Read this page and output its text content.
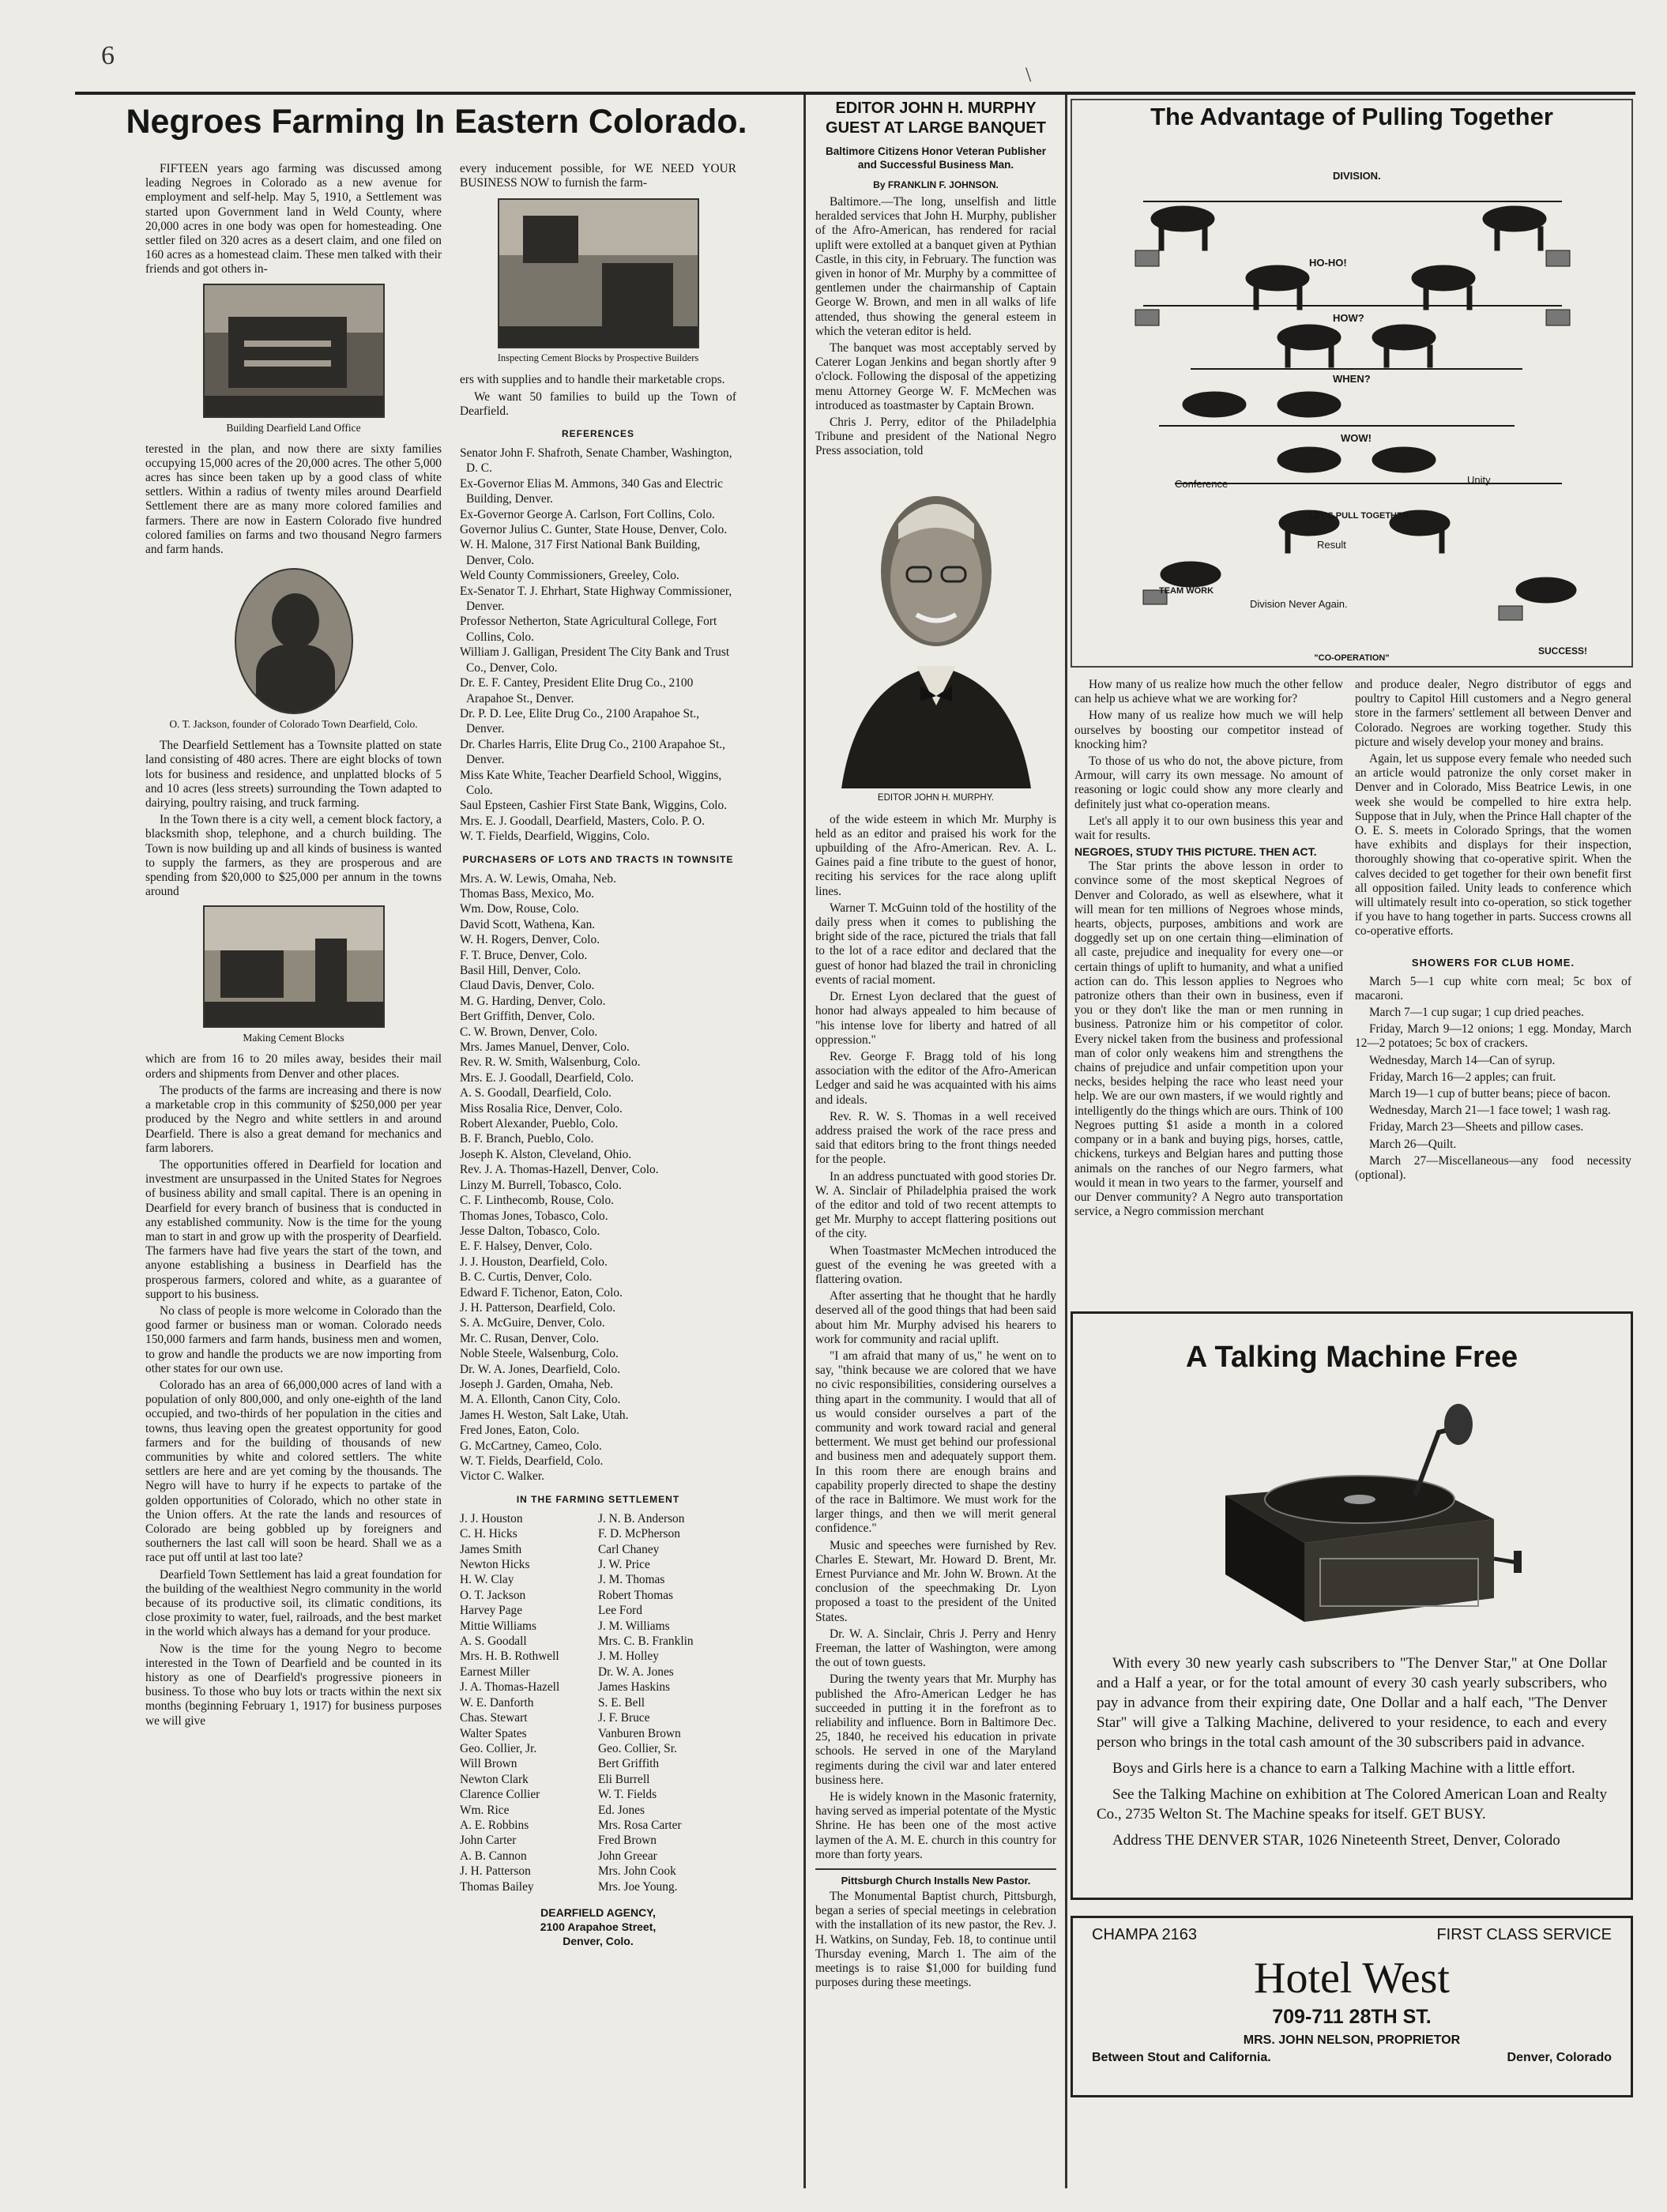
6
\
Negroes Farming In Eastern Colorado.

FIFTEEN years ago farming was discussed among leading Negroes in Colorado as a new avenue for employment and self-help. May 5, 1910, a Settlement was started upon Government land in Weld County, where 20,000 acres in one body was open for homesteading. One settler filed on 320 acres as a desert claim, and one filed on 160 acres as a homestead claim. These men talked with their friends and got others in-

Building Dearfield Land Office

terested in the plan, and now there are sixty families occupying 15,000 acres of the 20,000 acres. The other 5,000 acres has since been taken up by a good class of white settlers. Within a radius of twenty miles around Dearfield Settlement there are as many more colored families and farmers. There are now in Eastern Colorado five hundred colored families on farms and two thousand Negro farmers and farm hands.

O. T. Jackson, founder of Colorado Town Dearfield, Colo.

The Dearfield Settlement has a Townsite platted on state land consisting of 480 acres. There are eight blocks of town lots for business and residence, and unplatted blocks of 5 and 10 acres (less streets) surrounding the Town adapted to dairying, poultry raising, and truck farming.

In the Town there is a city well, a cement block factory, a blacksmith shop, telephone, and a church building. The Town is now building up and all kinds of business is wanted to supply the farmers, as they are prosperous and are spending from $20,000 to $25,000 per annum in the towns around

Making Cement Blocks

which are from 16 to 20 miles away, besides their mail orders and shipments from Denver and other places.

The products of the farms are increasing and there is now a marketable crop in this community of $250,000 per year produced by the Negro and white settlers in and around Dearfield. There is also a great demand for mechanics and farm laborers.

The opportunities offered in Dearfield for location and investment are unsurpassed in the United States for Negroes of business ability and small capital. There is an opening in Dearfield for every branch of business that is conducted in any established community. Now is the time for the young man to start in and grow up with the prosperity of Dearfield. The farmers have had five years the start of the town, and anyone establishing a business in Dearfield has the prosperous farmers, colored and white, as a guarantee of support to his business.

No class of people is more welcome in Colorado than the good farmer or business man or woman. Colorado needs 150,000 farmers and farm hands, business men and women, to grow and handle the products we are now importing from other states for our own use.

Colorado has an area of 66,000,000 acres of land with a population of only 800,000, and only one-eighth of the land occupied, and two-thirds of her population in the cities and towns, thus leaving open the greatest opportunity for good farmers and for the building of thousands of new communities by white and colored settlers. The white settlers are here and are yet coming by the thousands. The Negro will have to hurry if he expects to partake of the golden opportunities of Colorado, which no other state in the Union offers. At the rate the lands and resources of Colorado are being gobbled up by foreigners and southerners the last call will soon be heard. Shall we as a race put off until at last too late?

Dearfield Town Settlement has laid a great foundation for the building of the wealthiest Negro community in the world because of its productive soil, its climatic conditions, its close proximity to water, fuel, railroads, and the best market in the world which always has a demand for your produce.

Now is the time for the young Negro to become interested in the Town of Dearfield and be counted in its history as one of Dearfield's progressive pioneers in business. To those who buy lots or tracts within the next six months (beginning February 1, 1917) for business purposes we will give

every inducement possible, for WE NEED YOUR BUSINESS NOW to furnish the farm-

Inspecting Cement Blocks by Prospective Builders

ers with supplies and to handle their marketable crops.

We want 50 families to build up the Town of Dearfield.

REFERENCES
Senator John F. Shafroth, Senate Chamber, Washington, D. C.
Ex-Governor Elias M. Ammons, 340 Gas and Electric Building, Denver.
Ex-Governor George A. Carlson, Fort Collins, Colo.
Governor Julius C. Gunter, State House, Denver, Colo.
W. H. Malone, 317 First National Bank Building, Denver, Colo.
Weld County Commissioners, Greeley, Colo.
Ex-Senator T. J. Ehrhart, State Highway Commissioner, Denver.
Professor Netherton, State Agricultural College, Fort Collins, Colo.
William J. Galligan, President The City Bank and Trust Co., Denver, Colo.
Dr. E. F. Cantey, President Elite Drug Co., 2100 Arapahoe St., Denver.
Dr. P. D. Lee, Elite Drug Co., 2100 Arapahoe St., Denver.
Dr. Charles Harris, Elite Drug Co., 2100 Arapahoe St., Denver.
Miss Kate White, Teacher Dearfield School, Wiggins, Colo.
Saul Epsteen, Cashier First State Bank, Wiggins, Colo.
Mrs. E. J. Goodall, Dearfield, Masters, Colo. P. O.
W. T. Fields, Dearfield, Wiggins, Colo.
PURCHASERS OF LOTS AND TRACTS IN TOWNSITE
Mrs. A. W. Lewis, Omaha, Neb.
Thomas Bass, Mexico, Mo.
Wm. Dow, Rouse, Colo.
David Scott, Wathena, Kan.
W. H. Rogers, Denver, Colo.
F. T. Bruce, Denver, Colo.
Basil Hill, Denver, Colo.
Claud Davis, Denver, Colo.
M. G. Harding, Denver, Colo.
Bert Griffith, Denver, Colo.
C. W. Brown, Denver, Colo.
Mrs. James Manuel, Denver, Colo.
Rev. R. W. Smith, Walsenburg, Colo.
Mrs. E. J. Goodall, Dearfield, Colo.
A. S. Goodall, Dearfield, Colo.
Miss Rosalia Rice, Denver, Colo.
Robert Alexander, Pueblo, Colo.
B. F. Branch, Pueblo, Colo.
Joseph K. Alston, Cleveland, Ohio.
Rev. J. A. Thomas-Hazell, Denver, Colo.
Linzy M. Burrell, Tobasco, Colo.
C. F. Linthecomb, Rouse, Colo.
Thomas Jones, Tobasco, Colo.
Jesse Dalton, Tobasco, Colo.
E. F. Halsey, Denver, Colo.
J. J. Houston, Dearfield, Colo.
B. C. Curtis, Denver, Colo.
Edward F. Tichenor, Eaton, Colo.
J. H. Patterson, Dearfield, Colo.
S. A. McGuire, Denver, Colo.
Mr. C. Rusan, Denver, Colo.
Noble Steele, Walsenburg, Colo.
Dr. W. A. Jones, Dearfield, Colo.
Joseph J. Garden, Omaha, Neb.
M. A. Ellonth, Canon City, Colo.
James H. Weston, Salt Lake, Utah.
Fred Jones, Eaton, Colo.
G. McCartney, Cameo, Colo.
W. T. Fields, Dearfield, Colo.
Victor C. Walker.
IN THE FARMING SETTLEMENT
J. J. Houston
C. H. Hicks
James Smith
Newton Hicks
H. W. Clay
O. T. Jackson
Harvey Page
Mittie Williams
A. S. Goodall
Mrs. H. B. Rothwell
Earnest Miller
J. A. Thomas-Hazell
W. E. Danforth
Chas. Stewart
Walter Spates
Geo. Collier, Jr.
Will Brown
Newton Clark
Clarence Collier
Wm. Rice
A. E. Robbins
John Carter
A. B. Cannon
J. H. Patterson
Thomas Bailey
J. N. B. Anderson
F. D. McPherson
Carl Chaney
J. W. Price
J. M. Thomas
Robert Thomas
Lee Ford
J. M. Williams
Mrs. C. B. Franklin
J. M. Holley
Dr. W. A. Jones
James Haskins
S. E. Bell
J. F. Bruce
Vanburen Brown
Geo. Collier, Sr.
Bert Griffith
Eli Burrell
W. T. Fields
Ed. Jones
Mrs. Rosa Carter
Fred Brown
John Greear
Mrs. John Cook
Mrs. Joe Young.
DEARFIELD AGENCY,
2100 Arapahoe Street,
Denver, Colo.
EDITOR JOHN H. MURPHY GUEST AT LARGE BANQUET
Baltimore Citizens Honor Veteran Publisher and Successful Business Man.
By FRANKLIN F. JOHNSON.

Baltimore.—The long, unselfish and little heralded services that John H. Murphy, publisher of the Afro-American, has rendered for racial uplift were extolled at a banquet given at Pythian Castle, in this city, in February. The function was given in honor of Mr. Murphy by a committee of gentlemen under the chairmanship of Captain George W. Brown, and men in all walks of life attended, thus showing the general esteem in which the veteran editor is held.

The banquet was most acceptably served by Caterer Logan Jenkins and began shortly after 9 o'clock. Following the disposal of the appetizing menu Attorney George W. F. McMechen was introduced as toastmaster by Captain Brown.

Chris J. Perry, editor of the Philadelphia Tribune and president of the National Negro Press association, told

EDITOR JOHN H. MURPHY.

of the wide esteem in which Mr. Murphy is held as an editor and praised his work for the upbuilding of the Afro-American. Rev. A. L. Gaines paid a fine tribute to the guest of honor, reciting his services for the race along uplift lines.

Warner T. McGuinn told of the hostility of the daily press when it comes to publishing the bright side of the race, pictured the trials that fall to the lot of a race editor and declared that the guest of honor had blazed the trail in chronicling events of racial moment.

Dr. Ernest Lyon declared that the guest of honor had always appealed to him because of "his intense love for liberty and hatred of all oppression."

Rev. George F. Bragg told of his long association with the editor of the Afro-American Ledger and said he was acquainted with his aims and ideals.

Rev. R. W. S. Thomas in a well received address praised the work of the race press and said that editors bring to the front things needed for the people.

In an address punctuated with good stories Dr. W. A. Sinclair of Philadelphia praised the work of the editor and told of two recent attempts to get Mr. Murphy to accept flattering positions out of the city.

When Toastmaster McMechen introduced the guest of the evening he was greeted with a flattering ovation.

After asserting that he thought that he hardly deserved all of the good things that had been said about him Mr. Murphy advised his hearers to work for community and racial uplift.

"I am afraid that many of us," he went on to say, "think because we are colored that we have no civic responsibilities, considering ourselves a thing apart in the community. I would that all of us would consider ourselves a part of the community and work toward racial and general betterment. We must get behind our professional and business men and adequately support them. In this room there are enough brains and capability properly directed to shape the destiny of the race in Baltimore. We must work for the larger things, and then we will merit general confidence."

Music and speeches were furnished by Rev. Charles E. Stewart, Mr. Howard D. Brent, Mr. Ernest Purviance and Mr. John W. Brown. At the conclusion of the speechmaking Dr. Lyon proposed a toast to the president of the United States.

Dr. W. A. Sinclair, Chris J. Perry and Henry Freeman, the latter of Washington, were among the out of town guests.

During the twenty years that Mr. Murphy has published the Afro-American Ledger he has succeeded in putting it in the forefront as to reliability and influence. Born in Baltimore Dec. 25, 1840, he received his education in private schools. He served in one of the Maryland regiments during the civil war and later entered business here.

He is widely known in the Masonic fraternity, having served as imperial potentate of the Mystic Shrine. He has been one of the most active laymen of the A. M. E. church in this country for more than forty years.

Pittsburgh Church Installs New Pastor.

The Monumental Baptist church, Pittsburgh, began a series of special meetings in celebration with the installation of its new pastor, the Rev. J. H. Watkins, on Sunday, Feb. 18, to continue until Thursday evening, March 1. The aim of the meetings is to raise $1,000 for building fund purposes during these meetings.

The Advantage of Pulling Together
DIVISION.
HO-HO!
HOW?
WHEN?
WOW!
Conference	Unity
LET'S PULL TOGETHER
Result
TEAM WORK
Division Never Again.
SUCCESS!
"CO-OPERATION"

How many of us realize how much the other fellow can help us achieve what we are working for?

How many of us realize how much we will help ourselves by boosting our competitor instead of knocking him?

To those of us who do not, the above picture, from Armour, will carry its own message. No amount of reasoning or logic could show any more clearly and definitely just what co-operation means.

Let's all apply it to our own business this year and wait for results.

NEGROES, STUDY THIS PICTURE. THEN ACT.

The Star prints the above lesson in order to convince some of the most skeptical Negroes of Denver and Colorado, as well as elsewhere, what it will mean for ten millions of Negroes whose minds, hearts, objects, purposes, ambitions and work are doggedly set up on one certain thing—elimination of all caste, prejudice and inequality for every one—or certain things of uplift to humanity, and what a unified action can do. This lesson applies to Negroes who patronize others than their own in business, even if you or they don't like the man or men running in business. Patronize him or his competitor of color. Every nickel taken from the business and professional man of color only weakens him and strengthens the chains of prejudice and unfair competition upon your necks, besides helping the race who least need your help. We are our own masters, if we would rightly and intelligently do the things which are ours. Think of 100 Negroes putting $1 aside a month in a colored company or in a bank and buying pigs, horses, cattle, chickens, turkeys and Belgian hares and putting those animals on the ranches of our Negro farmers, what would it mean in two years to the farmer, yourself and our Denver community? A Negro auto transportation service, a Negro commission merchant

and produce dealer, Negro distributor of eggs and poultry to Capitol Hill customers and a Negro general store in the farmers' settlement all between Denver and Colorado. Negroes are working together. Study this picture and wisely develop your money and brains.

Again, let us suppose every female who needed such an article would patronize the only corset maker in Denver and in Colorado, Miss Beatrice Lewis, in one week she would be compelled to hire extra help. Suppose that in July, when the Prince Hall chapter of the O. E. S. meets in Colorado Springs, that the women have exhibits and displays for their inspection, thoroughly showing that co-operative spirit. When the calves decided to get together for their own benefit first all opposition failed. Unity leads to conference which will ultimately result into co-operation, so stick together if you have to hang together in parts. Success crowns all co-operative efforts.

SHOWERS FOR CLUB HOME.

March 5—1 cup white corn meal; 5c box of macaroni.

March 7—1 cup sugar; 1 cup dried peaches.

Friday, March 9—12 onions; 1 egg. Monday, March 12—2 potatoes; 5c box of crackers.

Wednesday, March 14—Can of syrup.

Friday, March 16—2 apples; can fruit.

March 19—1 cup of butter beans; piece of bacon.

Wednesday, March 21—1 face towel; 1 wash rag.

Friday, March 23—Sheets and pillow cases.

March 26—Quilt.

March 27—Miscellaneous—any food necessity (optional).

A Talking Machine Free

With every 30 new yearly cash subscribers to "The Denver Star," at One Dollar and a Half a year, or for the total amount of every 30 cash yearly subscribers, who pay in advance from their expiring date, One Dollar and a half each, "The Denver Star" will give a Talking Machine, delivered to your residence, to each and every person who brings in the total cash amount of the 30 subscribers paid in advance.

Boys and Girls here is a chance to earn a Talking Machine with a little effort.

See the Talking Machine on exhibition at The Colored American Loan and Realty Co., 2735 Welton St. The Machine speaks for itself. GET BUSY.

Address THE DENVER STAR, 1026 Nineteenth Street, Denver, Colorado

CHAMPA 2163	FIRST CLASS SERVICE
Hotel West
709-711 28TH ST.
MRS. JOHN NELSON, PROPRIETOR
Between Stout and California.	Denver, Colorado
